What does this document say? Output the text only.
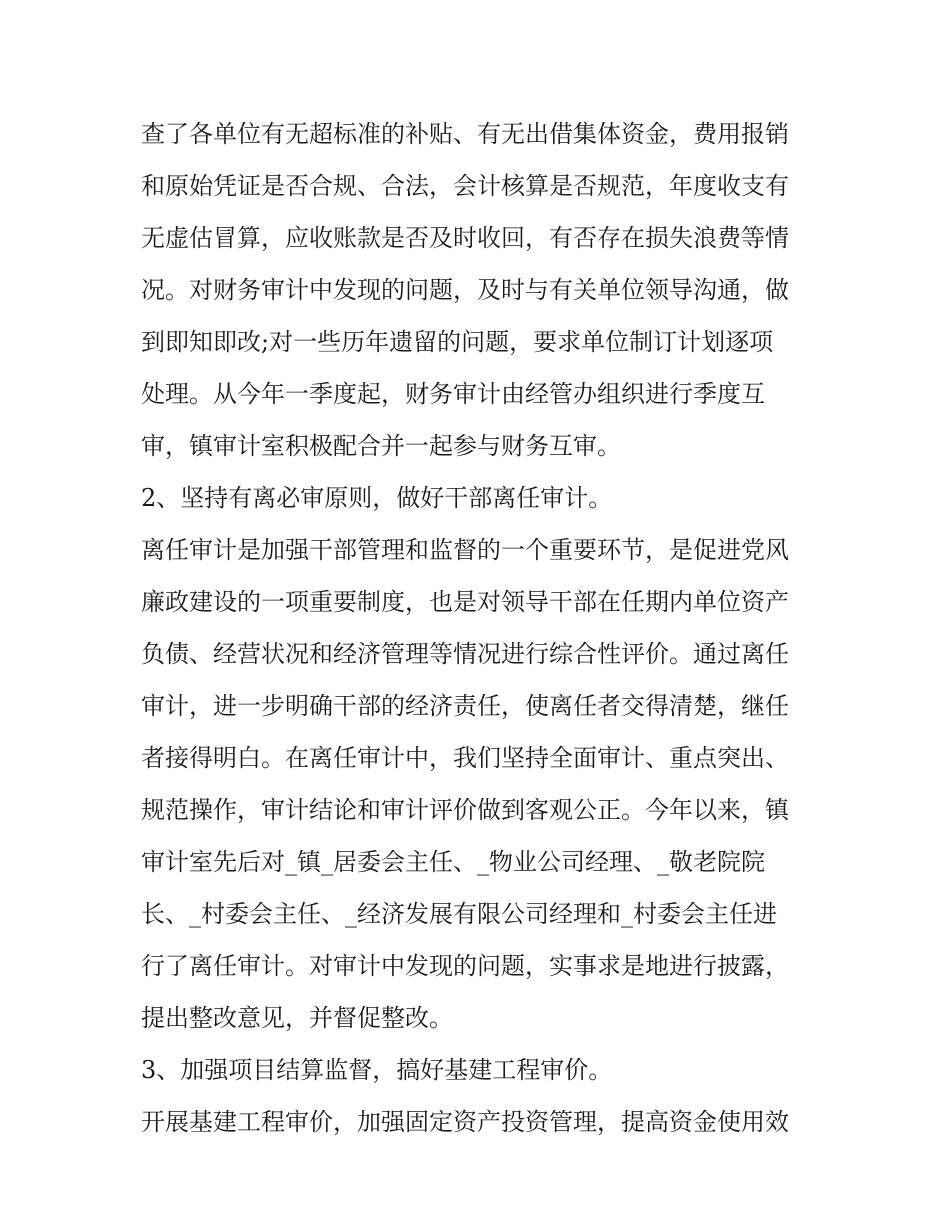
查了各单位有无超标准的补贴、有无出借集体资金，费用报销
和原始凭证是否合规、合法，会计核算是否规范，年度收支有
无虚估冒算，应收账款是否及时收回，有否存在损失浪费等情
况。对财务审计中发现的问题，及时与有关单位领导沟通，做
到即知即改;对一些历年遗留的问题，要求单位制订计划逐项
处理。从今年一季度起，财务审计由经管办组织进行季度互
审，镇审计室积极配合并一起参与财务互审。
2、坚持有离必审原则，做好干部离任审计。
离任审计是加强干部管理和监督的一个重要环节，是促进党风
廉政建设的一项重要制度，也是对领导干部在任期内单位资产
负债、经营状况和经济管理等情况进行综合性评价。通过离任
审计，进一步明确干部的经济责任，使离任者交得清楚，继任
者接得明白。在离任审计中，我们坚持全面审计、重点突出、
规范操作，审计结论和审计评价做到客观公正。今年以来，镇
审计室先后对_镇_居委会主任、_物业公司经理、_敬老院院
长、_村委会主任、_经济发展有限公司经理和_村委会主任进
行了离任审计。对审计中发现的问题，实事求是地进行披露，
提出整改意见，并督促整改。
3、加强项目结算监督，搞好基建工程审价。
开展基建工程审价，加强固定资产投资管理，提高资金使用效
